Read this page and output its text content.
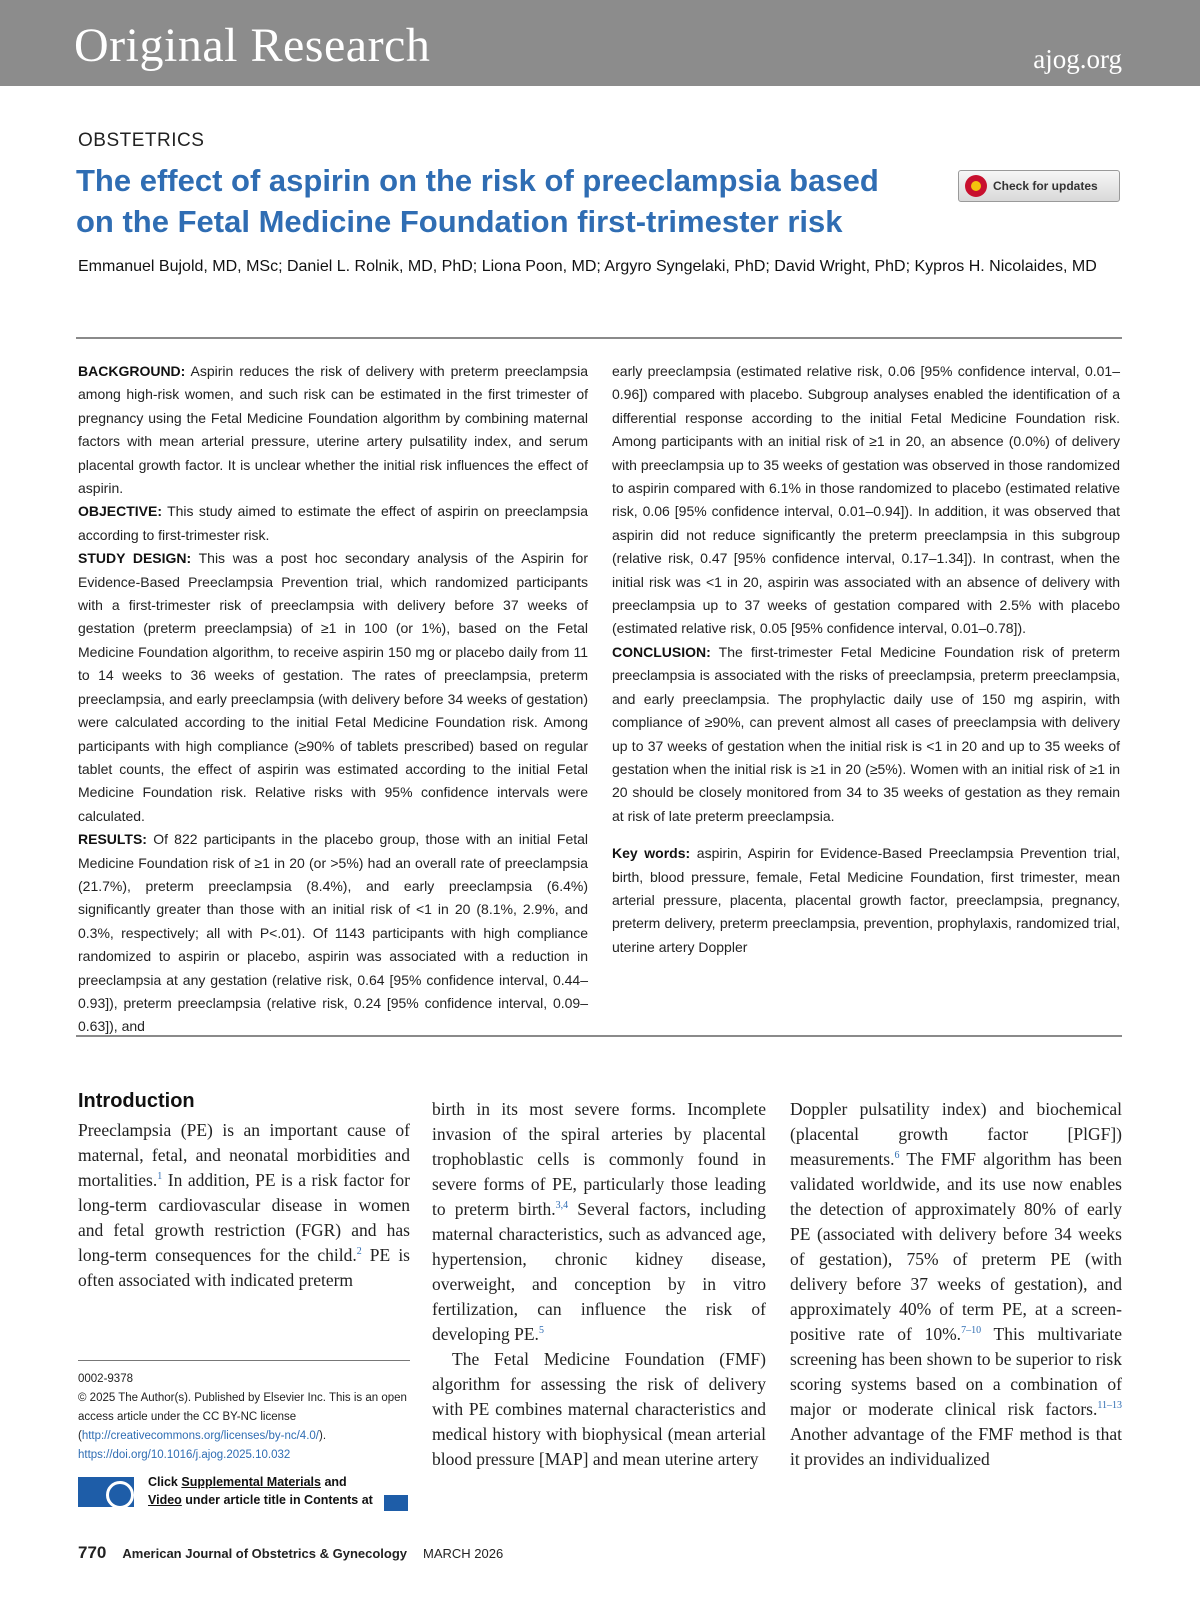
Original Research	ajog.org
OBSTETRICS
The effect of aspirin on the risk of preeclampsia based on the Fetal Medicine Foundation first-trimester risk
Check for updates
Emmanuel Bujold, MD, MSc; Daniel L. Rolnik, MD, PhD; Liona Poon, MD; Argyro Syngelaki, PhD; David Wright, PhD; Kypros H. Nicolaides, MD

BACKGROUND: Aspirin reduces the risk of delivery with preterm preeclampsia among high-risk women, and such risk can be estimated in the first trimester of pregnancy using the Fetal Medicine Foundation algorithm by combining maternal factors with mean arterial pressure, uterine artery pulsatility index, and serum placental growth factor. It is unclear whether the initial risk influences the effect of aspirin.

OBJECTIVE: This study aimed to estimate the effect of aspirin on preeclampsia according to first-trimester risk.

STUDY DESIGN: This was a post hoc secondary analysis of the Aspirin for Evidence-Based Preeclampsia Prevention trial, which randomized participants with a first-trimester risk of preeclampsia with delivery before 37 weeks of gestation (preterm preeclampsia) of ≥1 in 100 (or 1%), based on the Fetal Medicine Foundation algorithm, to receive aspirin 150 mg or placebo daily from 11 to 14 weeks to 36 weeks of gestation. The rates of preeclampsia, preterm preeclampsia, and early preeclampsia (with delivery before 34 weeks of gestation) were calculated according to the initial Fetal Medicine Foundation risk. Among participants with high compliance (≥90% of tablets prescribed) based on regular tablet counts, the effect of aspirin was estimated according to the initial Fetal Medicine Foundation risk. Relative risks with 95% confidence intervals were calculated.

RESULTS: Of 822 participants in the placebo group, those with an initial Fetal Medicine Foundation risk of ≥1 in 20 (or >5%) had an overall rate of preeclampsia (21.7%), preterm preeclampsia (8.4%), and early preeclampsia (6.4%) significantly greater than those with an initial risk of <1 in 20 (8.1%, 2.9%, and 0.3%, respectively; all with P<.01). Of 1143 participants with high compliance randomized to aspirin or placebo, aspirin was associated with a reduction in preeclampsia at any gestation (relative risk, 0.64 [95% confidence interval, 0.44–0.93]), preterm preeclampsia (relative risk, 0.24 [95% confidence interval, 0.09–0.63]), and

early preeclampsia (estimated relative risk, 0.06 [95% confidence interval, 0.01–0.96]) compared with placebo. Subgroup analyses enabled the identification of a differential response according to the initial Fetal Medicine Foundation risk. Among participants with an initial risk of ≥1 in 20, an absence (0.0%) of delivery with preeclampsia up to 35 weeks of gestation was observed in those randomized to aspirin compared with 6.1% in those randomized to placebo (estimated relative risk, 0.06 [95% confidence interval, 0.01–0.94]). In addition, it was observed that aspirin did not reduce significantly the preterm preeclampsia in this subgroup (relative risk, 0.47 [95% confidence interval, 0.17–1.34]). In contrast, when the initial risk was <1 in 20, aspirin was associated with an absence of delivery with preeclampsia up to 37 weeks of gestation compared with 2.5% with placebo (estimated relative risk, 0.05 [95% confidence interval, 0.01–0.78]).

CONCLUSION: The first-trimester Fetal Medicine Foundation risk of preterm preeclampsia is associated with the risks of preeclampsia, preterm preeclampsia, and early preeclampsia. The prophylactic daily use of 150 mg aspirin, with compliance of ≥90%, can prevent almost all cases of preeclampsia with delivery up to 37 weeks of gestation when the initial risk is <1 in 20 and up to 35 weeks of gestation when the initial risk is ≥1 in 20 (≥5%). Women with an initial risk of ≥1 in 20 should be closely monitored from 34 to 35 weeks of gestation as they remain at risk of late preterm preeclampsia.

Key words: aspirin, Aspirin for Evidence-Based Preeclampsia Prevention trial, birth, blood pressure, female, Fetal Medicine Foundation, first trimester, mean arterial pressure, placenta, placental growth factor, preeclampsia, pregnancy, preterm delivery, preterm preeclampsia, prevention, prophylaxis, randomized trial, uterine artery Doppler

Introduction

Preeclampsia (PE) is an important cause of maternal, fetal, and neonatal morbidities and mortalities.$^1$ In addition, PE is a risk factor for long-term cardiovascular disease in women and fetal growth restriction (FGR) and has long-term consequences for the child.$^2$ PE is often associated with indicated preterm

birth in its most severe forms. Incomplete invasion of the spiral arteries by placental trophoblastic cells is commonly found in severe forms of PE, particularly those leading to preterm birth.$^{3,4}$ Several factors, including maternal characteristics, such as advanced age, hypertension, chronic kidney disease, overweight, and conception by in vitro fertilization, can influence the risk of developing PE.$^5$

The Fetal Medicine Foundation (FMF) algorithm for assessing the risk of delivery with PE combines maternal characteristics and medical history with biophysical (mean arterial blood pressure [MAP] and mean uterine artery

Doppler pulsatility index) and biochemical (placental growth factor [PlGF]) measurements.$^6$ The FMF algorithm has been validated worldwide, and its use now enables the detection of approximately 80% of early PE (associated with delivery before 34 weeks of gestation), 75% of preterm PE (with delivery before 37 weeks of gestation), and approximately 40% of term PE, at a screen-positive rate of 10%.$^{7-10}$ This multivariate screening has been shown to be superior to risk scoring systems based on a combination of major or moderate clinical risk factors.$^{11-13}$ Another advantage of the FMF method is that it provides an individualized

0002-9378
© 2025 The Author(s). Published by Elsevier Inc. This is an open access article under the CC BY-NC license (http://creativecommons.org/licenses/by-nc/4.0/).
https://doi.org/10.1016/j.ajog.2025.10.032
Click Supplemental Materials and Video under article title in Contents at
770 American Journal of Obstetrics & Gynecology MARCH 2026
